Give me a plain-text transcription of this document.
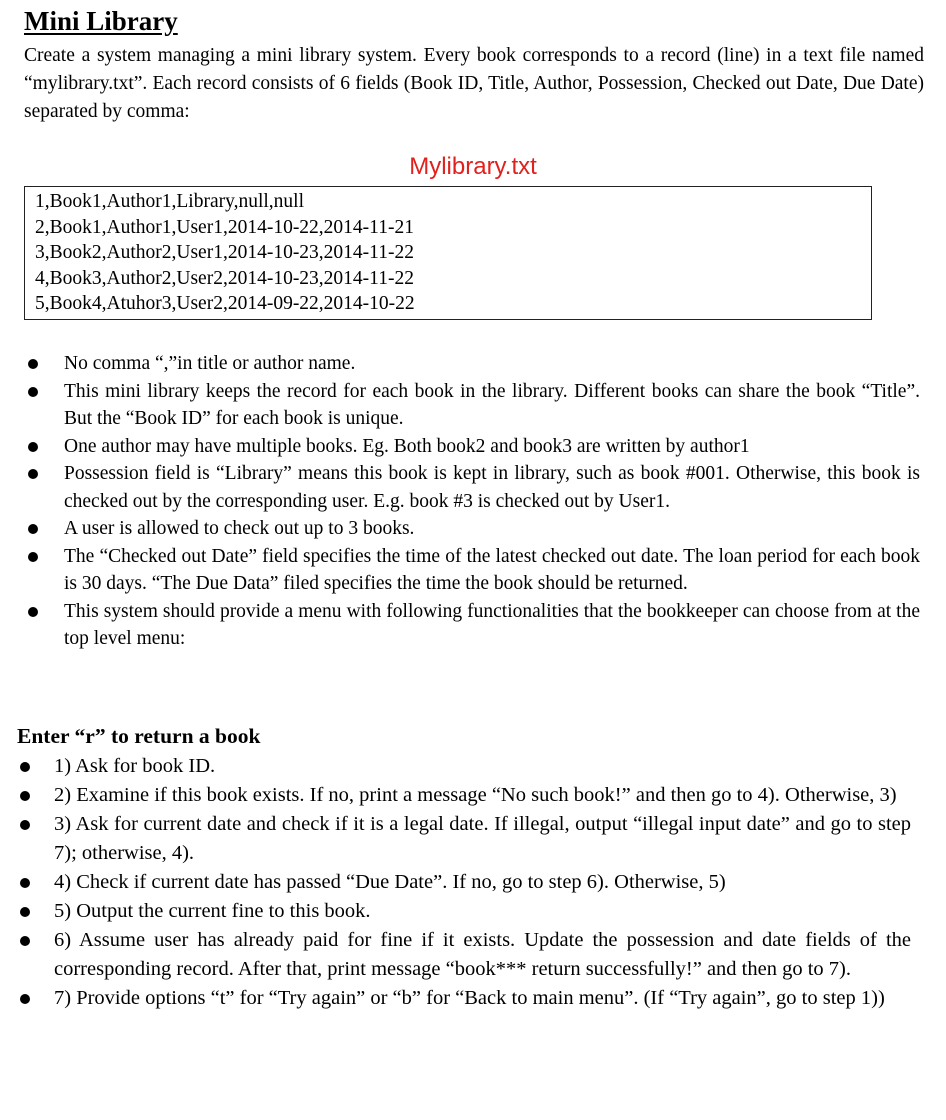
Mini Library

Create a system managing a mini library system. Every book corresponds to a record (line) in a text file named “mylibrary.txt”. Each record consists of 6 fields (Book ID, Title, Author, Possession, Checked out Date, Due Date) separated by comma:

Mylibrary.txt
1,Book1,Author1,Library,null,null
2,Book1,Author1,User1,2014-10-22,2014-11-21
3,Book2,Author2,User1,2014-10-23,2014-11-22
4,Book3,Author2,User2,2014-10-23,2014-11-22
5,Book4,Atuhor3,User2,2014-09-22,2014-10-22
No comma “,”in title or author name.
This mini library keeps the record for each book in the library. Different books can share the book “Title”. But the “Book ID” for each book is unique.
One author may have multiple books. Eg. Both book2 and book3 are written by author1
Possession field is “Library” means this book is kept in library, such as book #001. Otherwise, this book is checked out by the corresponding user. E.g. book #3 is checked out by User1.
A user is allowed to check out up to 3 books.
The “Checked out Date” field specifies the time of the latest checked out date. The loan period for each book is 30 days. “The Due Data” filed specifies the time the book should be returned.
This system should provide a menu with following functionalities that the bookkeeper can choose from at the top level menu:
Enter “r” to return a book
1) Ask for book ID.
2) Examine if this book exists. If no, print a message “No such book!” and then go to 4). Otherwise, 3)
3) Ask for current date and check if it is a legal date. If illegal, output “illegal input date” and go to step 7); otherwise, 4).
4) Check if current date has passed “Due Date”. If no, go to step 6). Otherwise, 5)
5) Output the current fine to this book.
6) Assume user has already paid for fine if it exists. Update the possession and date fields of the corresponding record. After that, print message “book*** return successfully!” and then go to 7).
7) Provide options “t” for “Try again” or “b” for “Back to main menu”. (If “Try again”, go to step 1))
